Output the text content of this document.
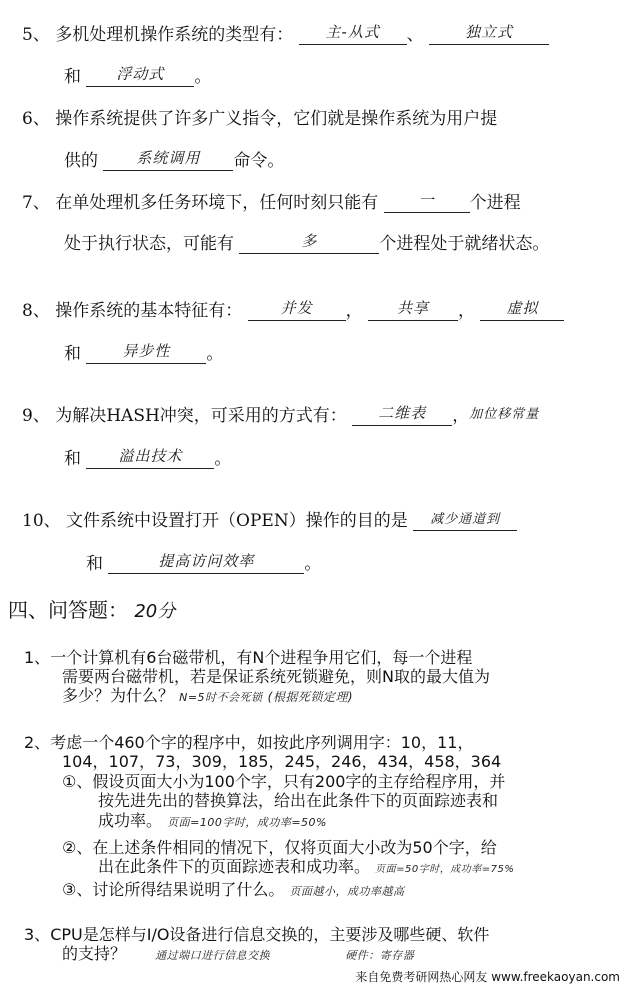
5、 多机处理机操作系统的类型有： 主-从式 、	独立式
和 浮动式 。
6、 操作系统提供了许多广义指令，它们就是操作系统为用户提
供的	系统调用 命令。
7、 在单处理机多任务环境下，任何时刻只能有	一 个进程
处于执行状态，可能有	多	个进程处于就绪状态。
8、 操作系统的基本特征有：	并发 ， 共享 ， 虚拟
和	异步性 。
9、 为解决HASH冲突，可采用的方式有： 二维表 ，加位移常量
和 溢出技术 。
10、 文件系统中设置打开（OPEN）操作的目的是 减少通道到
和	提高访问效率	。
四、问答题： 20分
1、一个计算机有6台磁带机，有N个进程争用它们，每一个进程
需要两台磁带机，若是保证系统死锁避免，则N取的最大值为
多少？为什么？ N=5时不会死锁 (根据死锁定理)
2、考虑一个460个字的程序中，如按此序列调用字：10，11，
104，107，73，309，185，245，246，434，458，364
①、假设页面大小为100个字，只有200字的主存给程序用，并
按先进先出的替换算法，给出在此条件下的页面踪迹表和
成功率。 页面=100字时，成功率=50%
②、在上述条件相同的情况下，仅将页面大小改为50个字，给
出在此条件下的页面踪迹表和成功率。 页面=50字时，成功率=75%
③、讨论所得结果说明了什么。 页面越小，成功率越高
3、CPU是怎样与I/O设备进行信息交换的，主要涉及哪些硬、软件
的支持？	通过端口进行信息交换	硬件：寄存器
来自免费考研网热心网友 www.freekaoyan.com
